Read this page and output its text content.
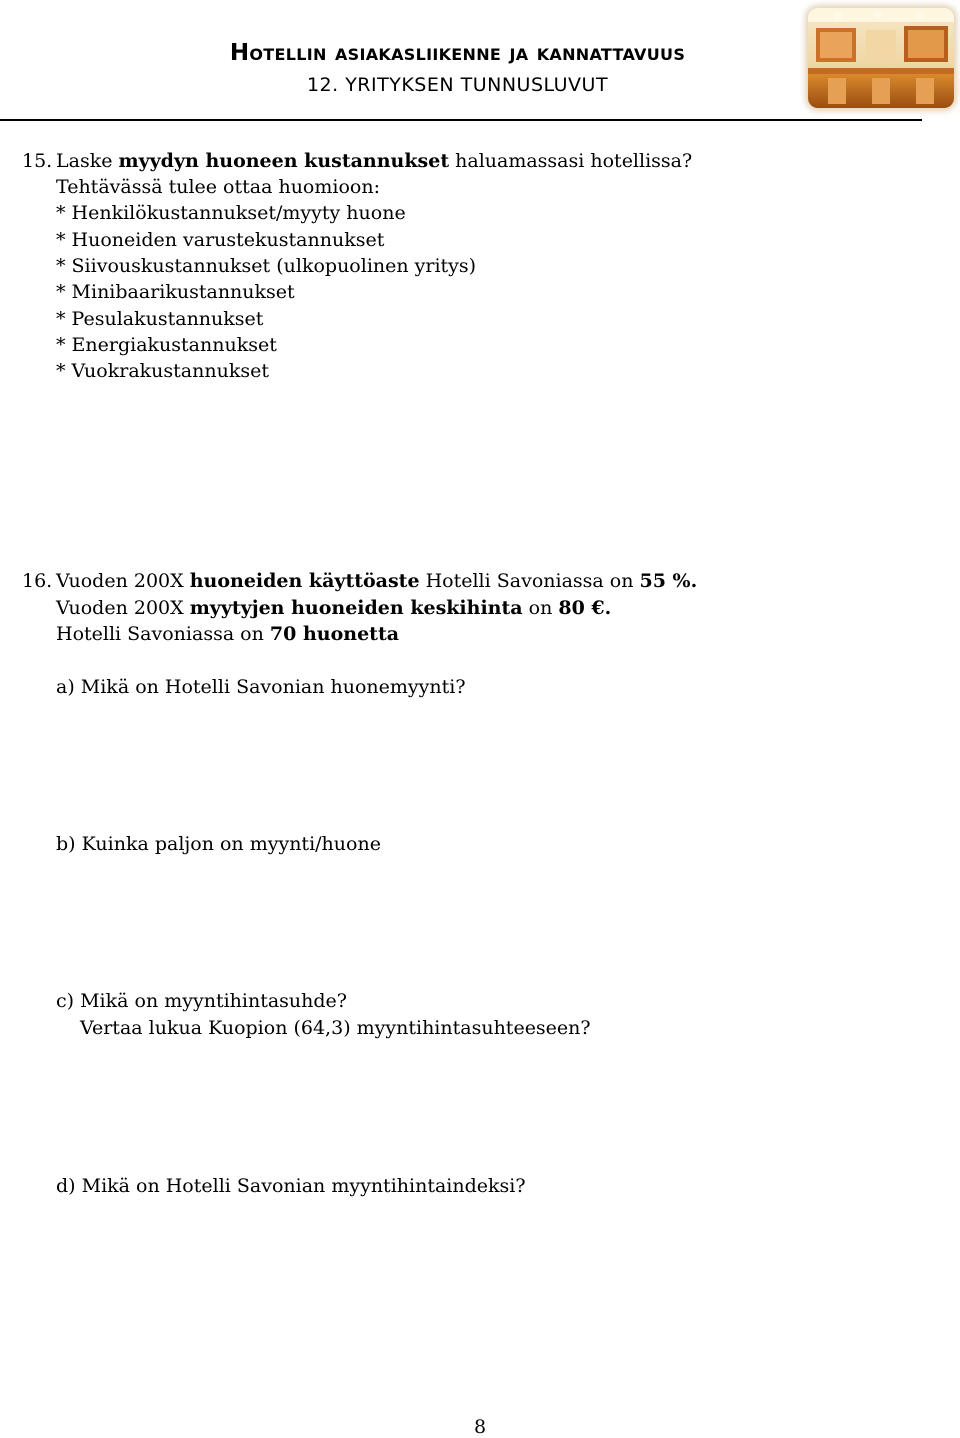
Hotellin asiakasliikenne ja kannattavuus
12. YRITYKSEN TUNNUSLUVUT
15. Laske myydyn huoneen kustannukset haluamassasi hotellissa?
Tehtävässä tulee ottaa huomioon:
* Henkilökustannukset/myyty huone
* Huoneiden varustekustannukset
* Siivouskustannukset (ulkopuolinen yritys)
* Minibaarikustannukset
* Pesulakustannukset
* Energiakustannukset
* Vuokrakustannukset
16. Vuoden 200X huoneiden käyttöaste Hotelli Savoniassa on 55 %.
Vuoden 200X myytyjen huoneiden keskihinta on 80 €.
Hotelli Savoniassa on 70 huonetta
a) Mikä on Hotelli Savonian huonemyynti?
b) Kuinka paljon on myynti/huone
c) Mikä on myyntihintasuhde?
Vertaa lukua Kuopion (64,3) myyntihintasuhteeseen?
d) Mikä on Hotelli Savonian myyntihintaindeksi?
8
